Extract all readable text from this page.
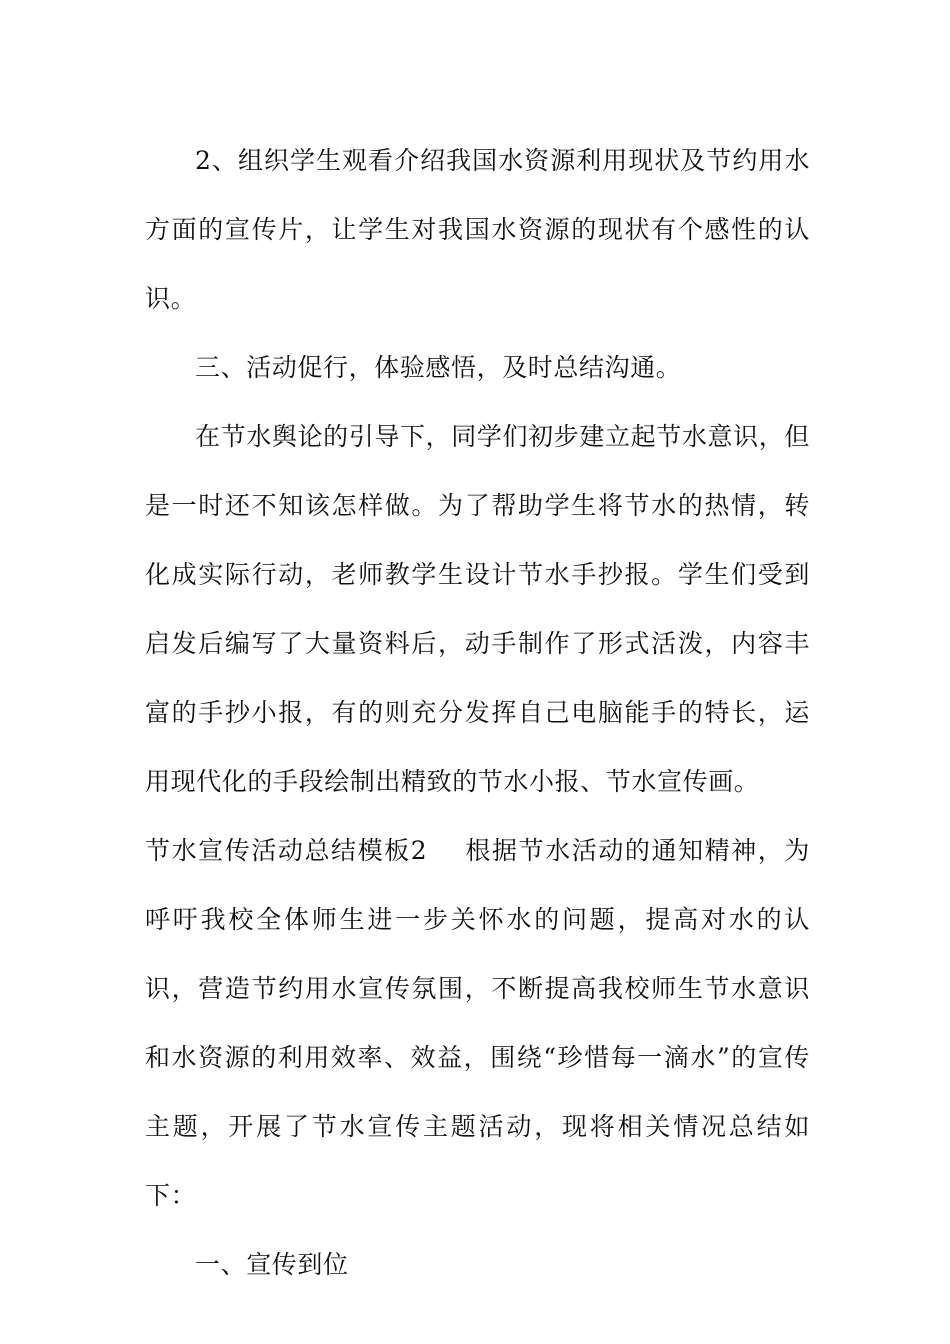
2、组织学生观看介绍我国水资源利用现状及节约用水方面的宣传片，让学生对我国水资源的现状有个感性的认识。

三、活动促行，体验感悟，及时总结沟通。

在节水舆论的引导下，同学们初步建立起节水意识，但是一时还不知该怎样做。为了帮助学生将节水的热情，转化成实际行动，老师教学生设计节水手抄报。学生们受到启发后编写了大量资料后，动手制作了形式活泼，内容丰富的手抄小报，有的则充分发挥自己电脑能手的特长，运用现代化的手段绘制出精致的节水小报、节水宣传画。

节水宣传活动总结模板2 根据节水活动的通知精神，为呼吁我校全体师生进一步关怀水的问题，提高对水的认识，营造节约用水宣传氛围，不断提高我校师生节水意识和水资源的利用效率、效益，围绕“珍惜每一滴水”的宣传主题，开展了节水宣传主题活动，现将相关情况总结如下：

一、宣传到位
